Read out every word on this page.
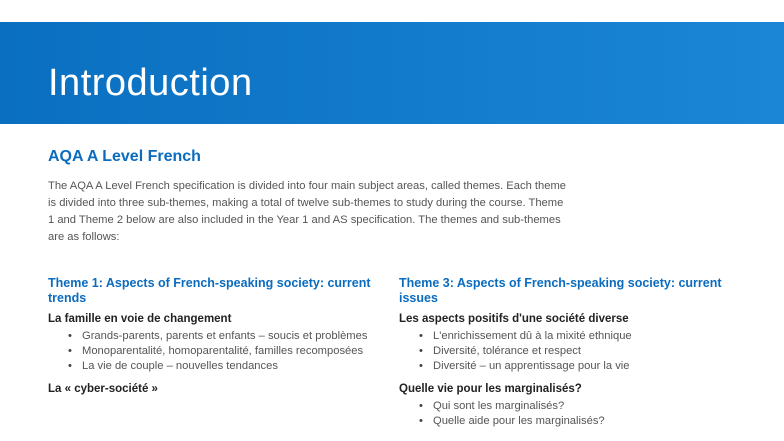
Introduction
AQA A Level French

The AQA A Level French specification is divided into four main subject areas, called themes. Each theme is divided into three sub-themes, making a total of twelve sub-themes to study during the course. Theme 1 and Theme 2 below are also included in the Year 1 and AS specification. The themes and sub-themes are as follows:

Theme 1: Aspects of French-speaking society: current trends
La famille en voie de changement
• Grands-parents, parents et enfants – soucis et problèmes
• Monoparentalité, homoparentalité, familles recomposées
• La vie de couple – nouvelles tendances
La « cyber-société »
Theme 3: Aspects of French-speaking society: current issues
Les aspects positifs d'une société diverse
• L'enrichissement dû à la mixité ethnique
• Diversité, tolérance et respect
• Diversité – un apprentissage pour la vie
Quelle vie pour les marginalisés?
• Qui sont les marginalisés?
• Quelle aide pour les marginalisés?
